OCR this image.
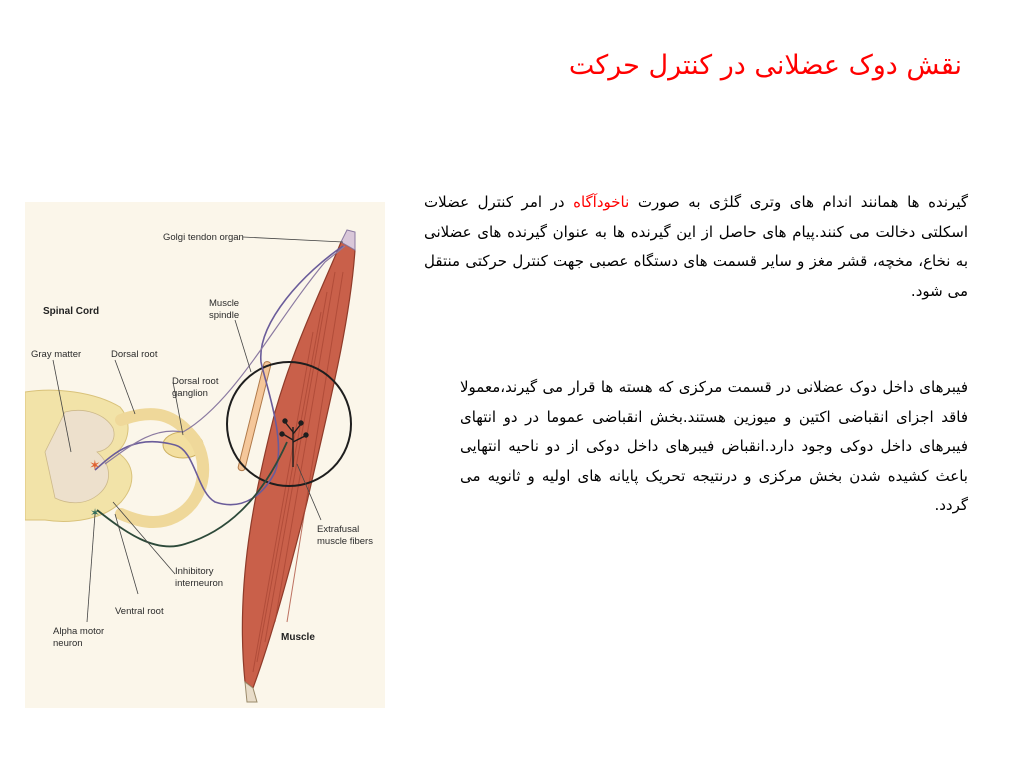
نقش دوک عضلانی در کنترل حرکت
گیرنده ها همانند اندام های وتری گلژی به صورت ناخودآگاه در امر کنترل عضلات اسکلتی دخالت می کنند.پیام های حاصل از این گیرنده ها به عنوان گیرنده های عضلانی به نخاع، مخچه، قشر مغز و سایر قسمت های دستگاه عصبی جهت کنترل حرکتی منتقل می شود.
فیبرهای داخل دوک عضلانی در قسمت مرکزی که هسته ها قرار می گیرند،معمولا فاقد اجزای انقباضی اکتین و میوزین هستند.بخش انقباضی عموما در دو انتهای فیبرهای داخل دوکی وجود دارد.انقباض فیبرهای داخل دوکی از دو ناحیه انتهایی باعث کشیده شدن بخش مرکزی و درنتیجه تحریک پایانه های اولیه و ثانویه می گردد.
✶
✶
Golgi tendon organ
Spinal Cord
Muscle
spindle
Gray matter	Dorsal root
Dorsal root
ganglion
Extrafusal
muscle fibers
Inhibitory
interneuron
Ventral root
Alpha motor
neuron
Muscle
